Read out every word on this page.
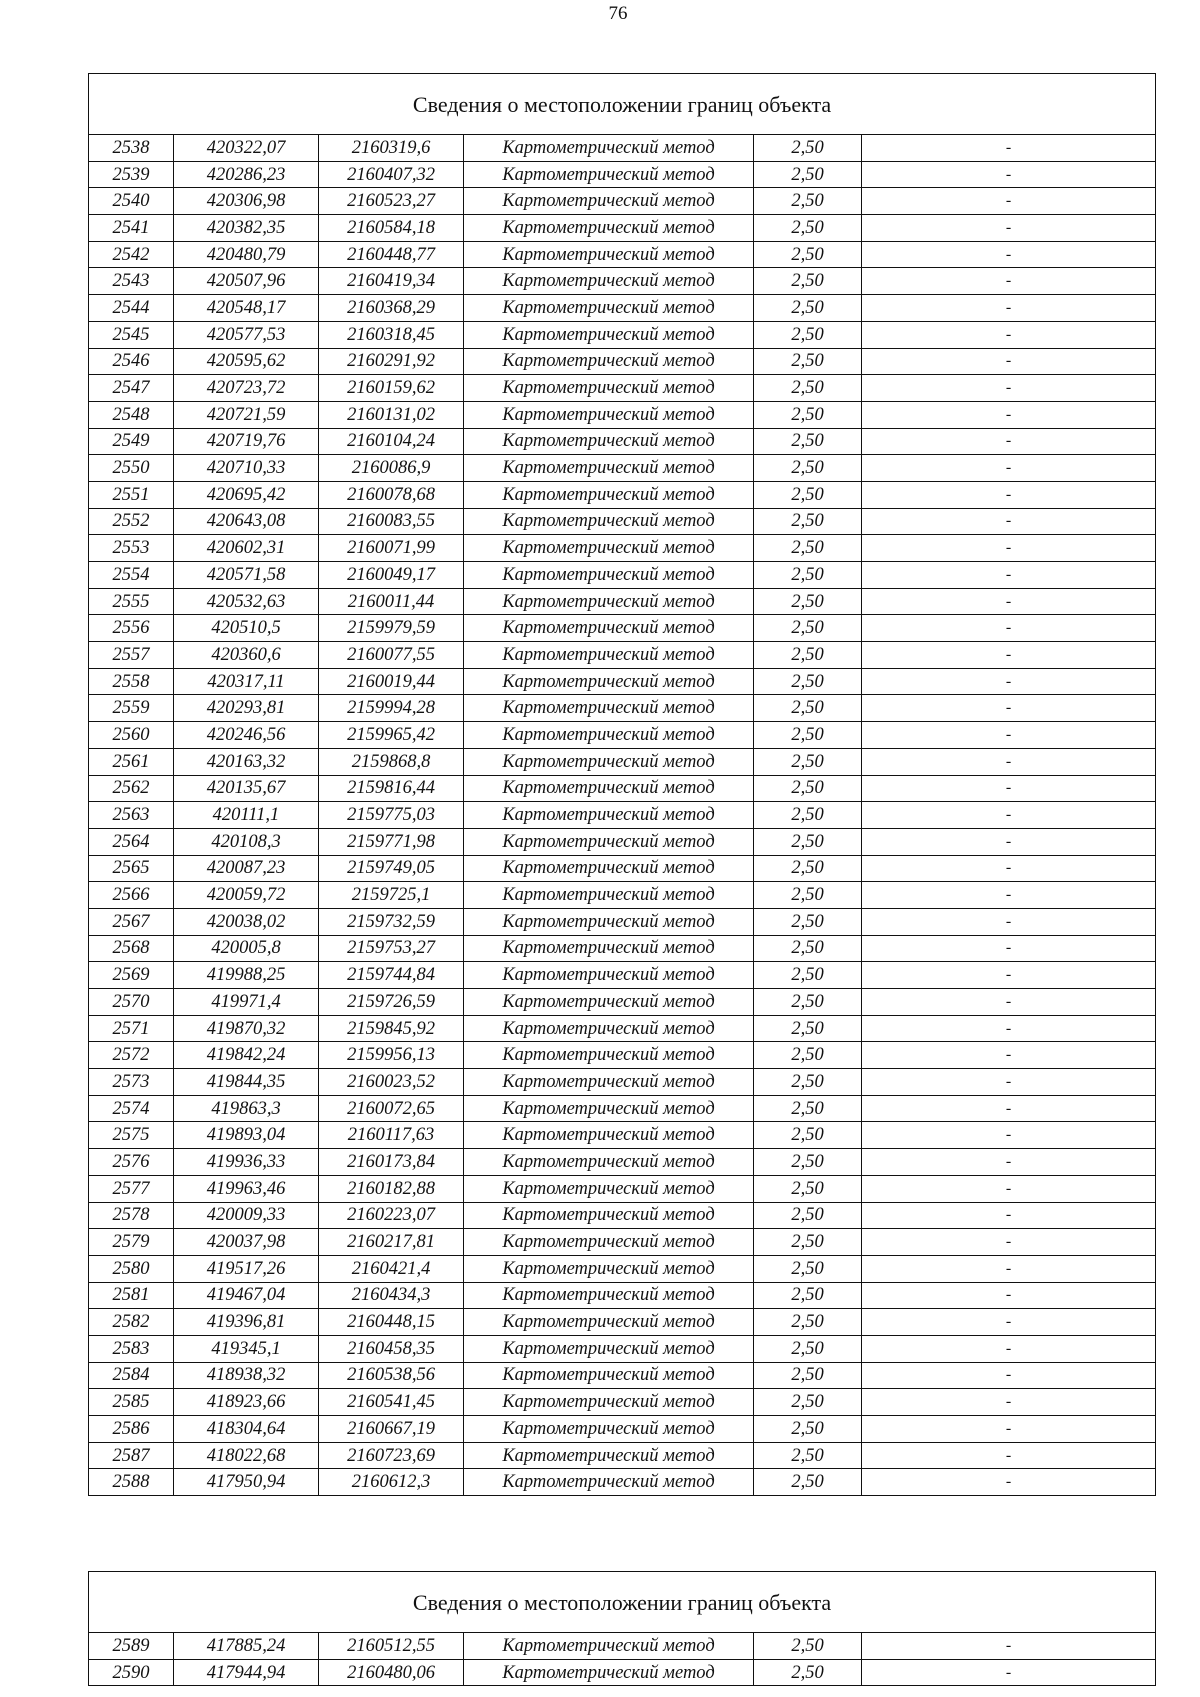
76
Сведения о местоположении границ объекта					
2538	420322,07	2160319,6	Картометрический метод	2,50	-
2539	420286,23	2160407,32	Картометрический метод	2,50	-
2540	420306,98	2160523,27	Картометрический метод	2,50	-
2541	420382,35	2160584,18	Картометрический метод	2,50	-
2542	420480,79	2160448,77	Картометрический метод	2,50	-
2543	420507,96	2160419,34	Картометрический метод	2,50	-
2544	420548,17	2160368,29	Картометрический метод	2,50	-
2545	420577,53	2160318,45	Картометрический метод	2,50	-
2546	420595,62	2160291,92	Картометрический метод	2,50	-
2547	420723,72	2160159,62	Картометрический метод	2,50	-
2548	420721,59	2160131,02	Картометрический метод	2,50	-
2549	420719,76	2160104,24	Картометрический метод	2,50	-
2550	420710,33	2160086,9	Картометрический метод	2,50	-
2551	420695,42	2160078,68	Картометрический метод	2,50	-
2552	420643,08	2160083,55	Картометрический метод	2,50	-
2553	420602,31	2160071,99	Картометрический метод	2,50	-
2554	420571,58	2160049,17	Картометрический метод	2,50	-
2555	420532,63	2160011,44	Картометрический метод	2,50	-
2556	420510,5	2159979,59	Картометрический метод	2,50	-
2557	420360,6	2160077,55	Картометрический метод	2,50	-
2558	420317,11	2160019,44	Картометрический метод	2,50	-
2559	420293,81	2159994,28	Картометрический метод	2,50	-
2560	420246,56	2159965,42	Картометрический метод	2,50	-
2561	420163,32	2159868,8	Картометрический метод	2,50	-
2562	420135,67	2159816,44	Картометрический метод	2,50	-
2563	420111,1	2159775,03	Картометрический метод	2,50	-
2564	420108,3	2159771,98	Картометрический метод	2,50	-
2565	420087,23	2159749,05	Картометрический метод	2,50	-
2566	420059,72	2159725,1	Картометрический метод	2,50	-
2567	420038,02	2159732,59	Картометрический метод	2,50	-
2568	420005,8	2159753,27	Картометрический метод	2,50	-
2569	419988,25	2159744,84	Картометрический метод	2,50	-
2570	419971,4	2159726,59	Картометрический метод	2,50	-
2571	419870,32	2159845,92	Картометрический метод	2,50	-
2572	419842,24	2159956,13	Картометрический метод	2,50	-
2573	419844,35	2160023,52	Картометрический метод	2,50	-
2574	419863,3	2160072,65	Картометрический метод	2,50	-
2575	419893,04	2160117,63	Картометрический метод	2,50	-
2576	419936,33	2160173,84	Картометрический метод	2,50	-
2577	419963,46	2160182,88	Картометрический метод	2,50	-
2578	420009,33	2160223,07	Картометрический метод	2,50	-
2579	420037,98	2160217,81	Картометрический метод	2,50	-
2580	419517,26	2160421,4	Картометрический метод	2,50	-
2581	419467,04	2160434,3	Картометрический метод	2,50	-
2582	419396,81	2160448,15	Картометрический метод	2,50	-
2583	419345,1	2160458,35	Картометрический метод	2,50	-
2584	418938,32	2160538,56	Картометрический метод	2,50	-
2585	418923,66	2160541,45	Картометрический метод	2,50	-
2586	418304,64	2160667,19	Картометрический метод	2,50	-
2587	418022,68	2160723,69	Картометрический метод	2,50	-
2588	417950,94	2160612,3	Картометрический метод	2,50	-
Сведения о местоположении границ объекта					
2589	417885,24	2160512,55	Картометрический метод	2,50	-
2590	417944,94	2160480,06	Картометрический метод	2,50	-
